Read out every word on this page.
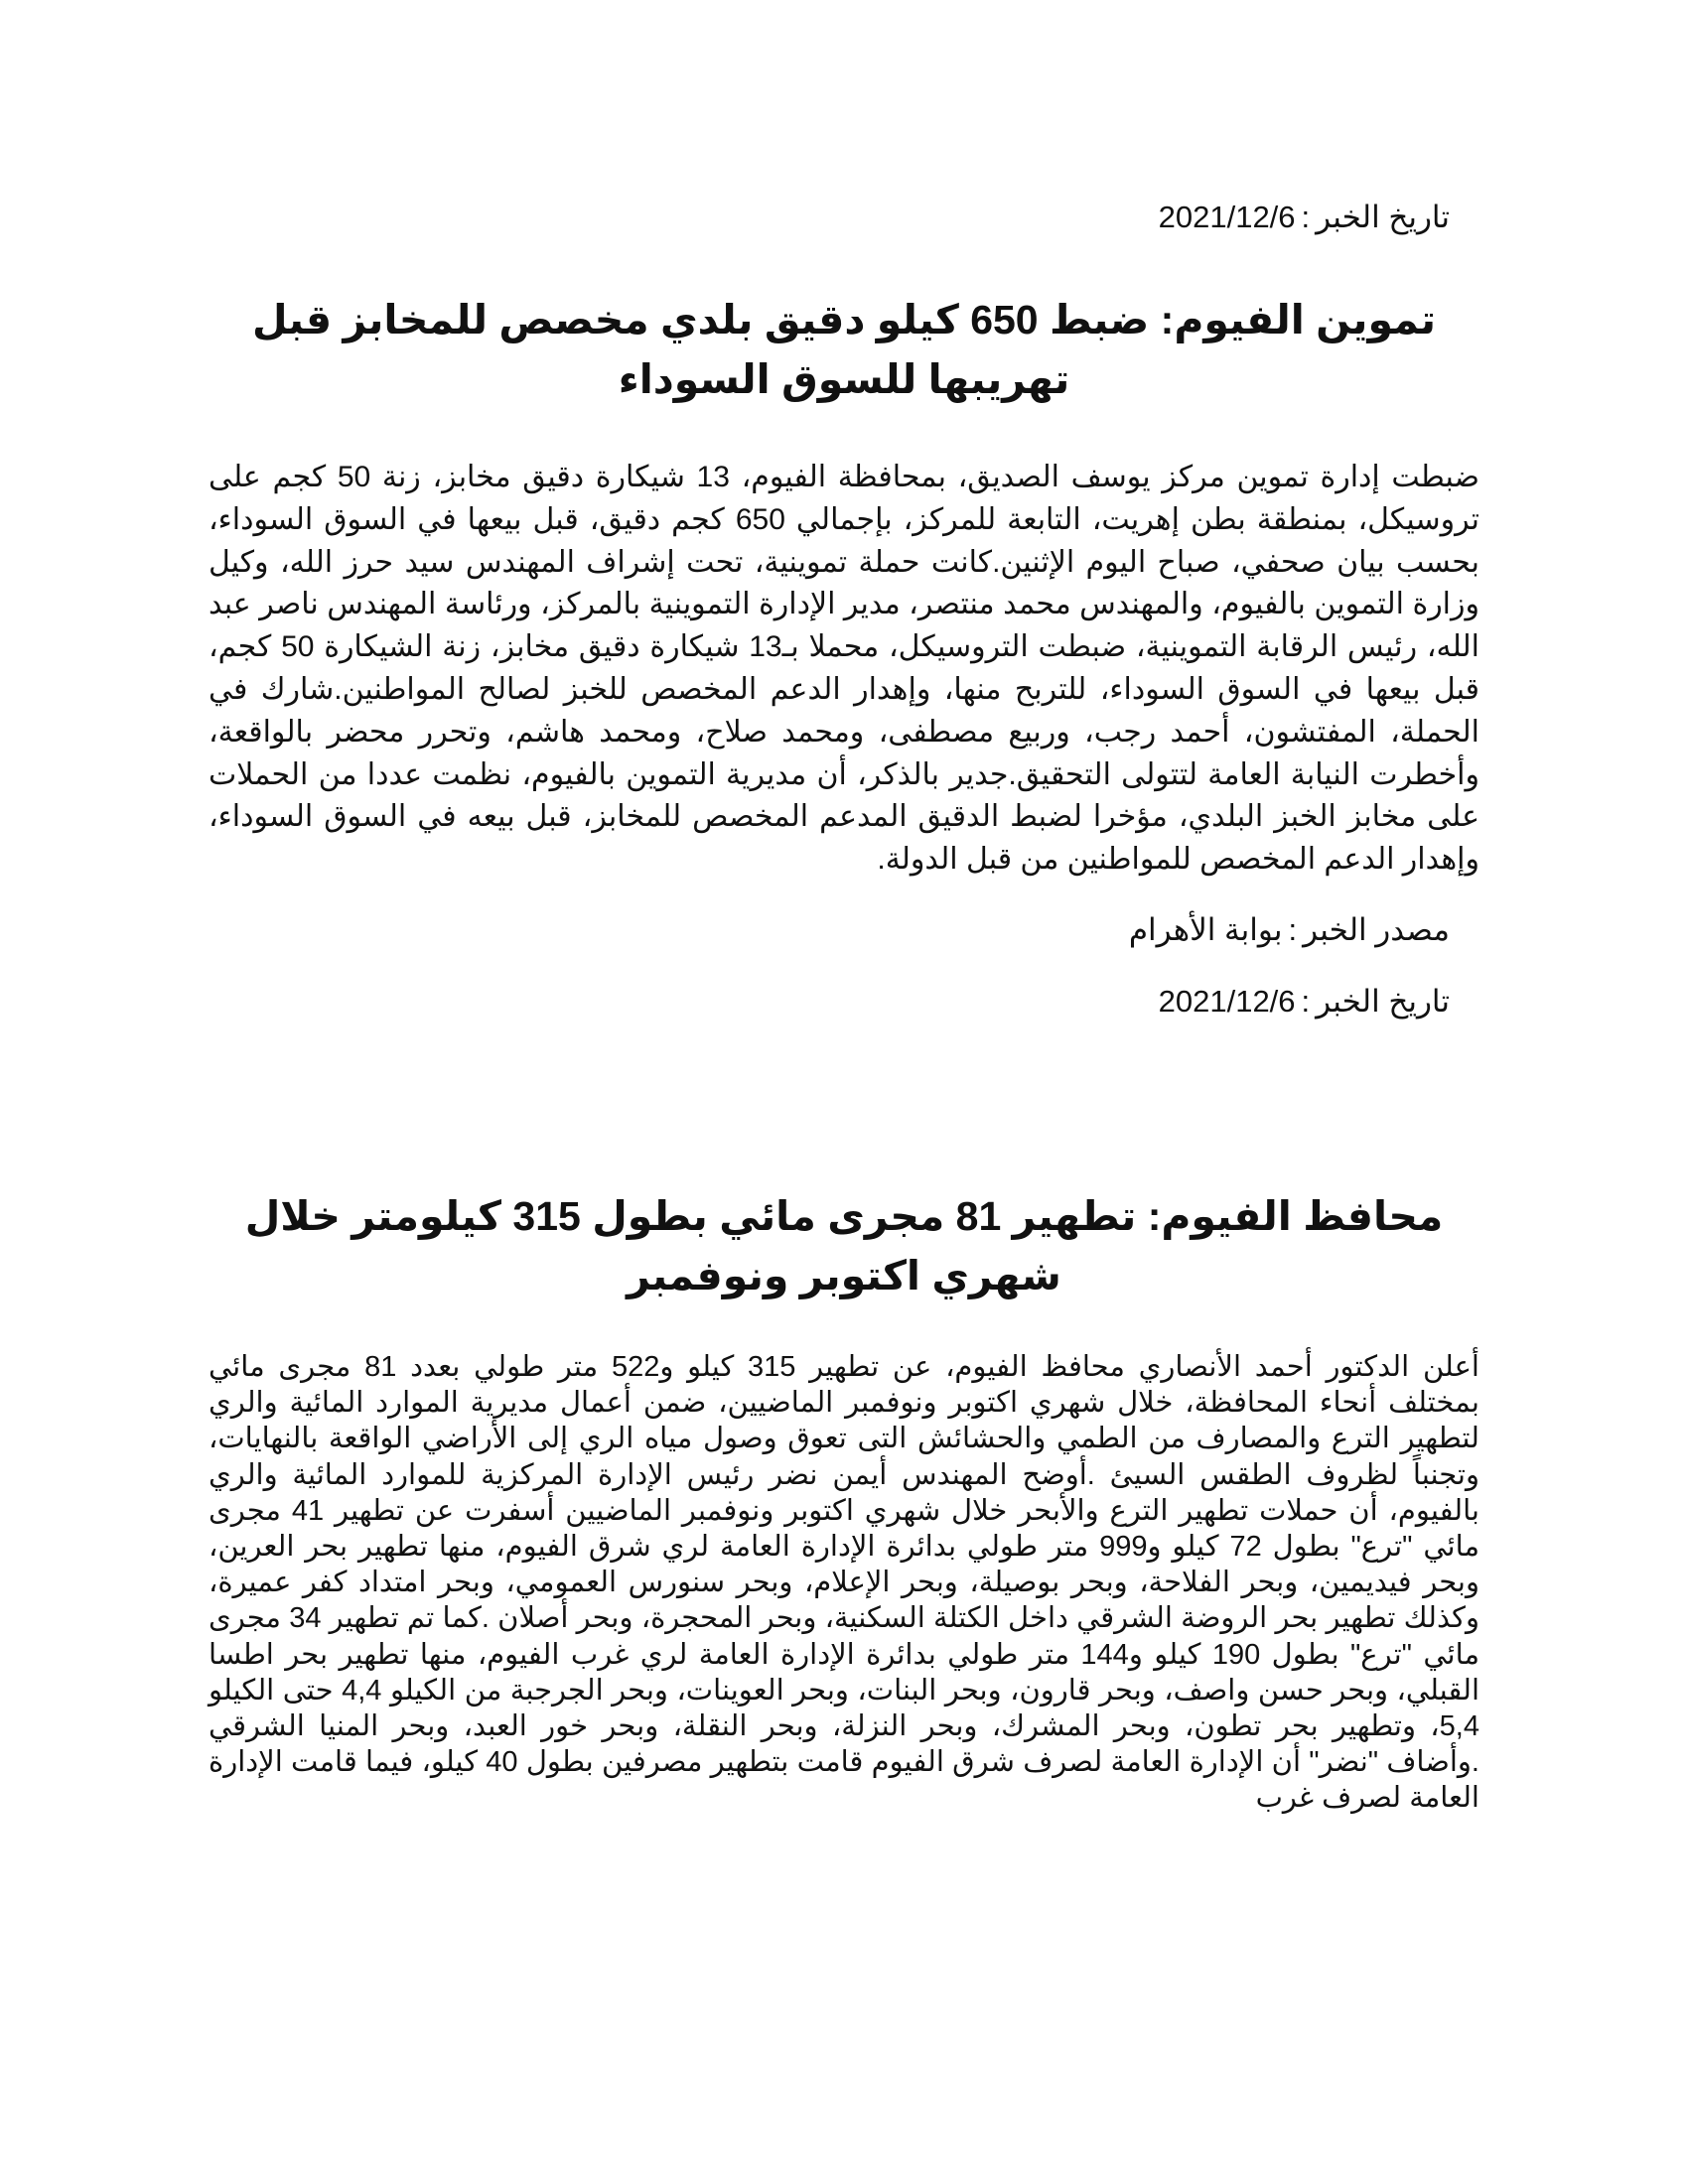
تاريخ الخبر:2021/12/6

تموين الفيوم: ضبط 650 كيلو دقيق بلدي مخصص للمخابز قبل تهريبها للسوق السوداء

ضبطت إدارة تموين مركز يوسف الصديق، بمحافظة الفيوم، 13 شيكارة دقيق مخابز، زنة 50 كجم على تروسيكل، بمنطقة بطن إهريت، التابعة للمركز، بإجمالي 650 كجم دقيق، قبل بيعها في السوق السوداء، بحسب بيان صحفي، صباح اليوم الإثنين.كانت حملة تموينية، تحت إشراف المهندس سيد حرز الله، وكيل وزارة التموين بالفيوم، والمهندس محمد منتصر، مدير الإدارة التموينية بالمركز، ورئاسة المهندس ناصر عبد الله، رئيس الرقابة التموينية، ضبطت التروسيكل، محملا بـ13 شيكارة دقيق مخابز، زنة الشيكارة 50 كجم، قبل بيعها في السوق السوداء، للتربح منها، وإهدار الدعم المخصص للخبز لصالح المواطنين.شارك في الحملة، المفتشون، أحمد رجب، وربيع مصطفى، ومحمد صلاح، ومحمد هاشم، وتحرر محضر بالواقعة، وأخطرت النيابة العامة لتتولى التحقيق.جدير بالذكر، أن مديرية التموين بالفيوم، نظمت عددا من الحملات على مخابز الخبز البلدي، مؤخرا لضبط الدقيق المدعم المخصص للمخابز، قبل بيعه في السوق السوداء، وإهدار الدعم المخصص للمواطنين من قبل الدولة.

مصدر الخبر:بوابة الأهرام

تاريخ الخبر:2021/12/6

محافظ الفيوم: تطهير 81 مجرى مائي بطول 315 كيلومتر خلال شهري اكتوبر ونوفمبر

أعلن الدكتور أحمد الأنصاري محافظ الفيوم، عن تطهير 315 كيلو و522 متر طولي بعدد 81 مجرى مائي بمختلف أنحاء المحافظة، خلال شهري اكتوبر ونوفمبر الماضيين، ضمن أعمال مديرية الموارد المائية والري لتطهير الترع والمصارف من الطمي والحشائش التى تعوق وصول مياه الري إلى الأراضي الواقعة بالنهايات، وتجنباً لظروف الطقس السيئ .أوضح المهندس أيمن نضر رئيس الإدارة المركزية للموارد المائية والري بالفيوم، أن حملات تطهير الترع والأبحر خلال شهري اكتوبر ونوفمبر الماضيين أسفرت عن تطهير 41 مجرى مائي "ترع" بطول 72 كيلو و999 متر طولي بدائرة الإدارة العامة لري شرق الفيوم، منها تطهير بحر العرين، وبحر فيديمين، وبحر الفلاحة، وبحر بوصيلة، وبحر الإعلام، وبحر سنورس العمومي، وبحر امتداد كفر عميرة، وكذلك تطهير بحر الروضة الشرقي داخل الكتلة السكنية، وبحر المحجرة، وبحر أصلان .كما تم تطهير 34 مجرى مائي "ترع" بطول 190 كيلو و144 متر طولي بدائرة الإدارة العامة لري غرب الفيوم، منها تطهير بحر اطسا القبلي، وبحر حسن واصف، وبحر قارون، وبحر البنات، وبحر العوينات، وبحر الجرجبة من الكيلو 4,4 حتى الكيلو 5,4، وتطهير بحر تطون، وبحر المشرك، وبحر النزلة، وبحر النقلة، وبحر خور العبد، وبحر المنيا الشرقي .وأضاف "نضر" أن الإدارة العامة لصرف شرق الفيوم قامت بتطهير مصرفين بطول 40 كيلو، فيما قامت الإدارة العامة لصرف غرب
